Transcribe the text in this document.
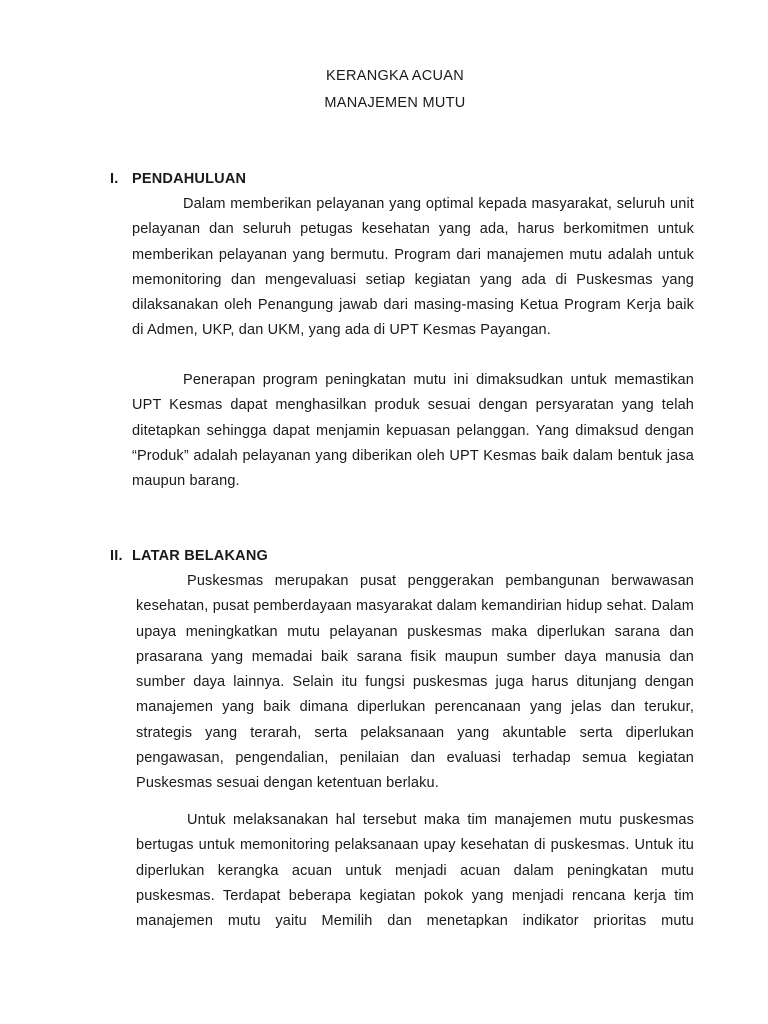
KERANGKA ACUAN
MANAJEMEN MUTU
I. PENDAHULUAN

Dalam memberikan pelayanan yang optimal kepada masyarakat, seluruh unit pelayanan dan seluruh petugas kesehatan yang ada, harus berkomitmen untuk memberikan pelayanan yang bermutu. Program dari manajemen mutu adalah untuk memonitoring dan mengevaluasi setiap kegiatan yang ada di Puskesmas yang dilaksanakan oleh Penangung jawab dari masing-masing Ketua Program Kerja baik di Admen, UKP, dan UKM, yang ada di UPT Kesmas Payangan.

Penerapan program peningkatan mutu ini dimaksudkan untuk memastikan UPT Kesmas dapat menghasilkan produk sesuai dengan persyaratan yang telah ditetapkan sehingga dapat menjamin kepuasan pelanggan. Yang dimaksud dengan “Produk” adalah pelayanan yang diberikan oleh UPT Kesmas baik dalam bentuk jasa maupun barang.

II. LATAR BELAKANG

Puskesmas merupakan pusat penggerakan pembangunan berwawasan kesehatan, pusat pemberdayaan masyarakat dalam kemandirian hidup sehat. Dalam upaya meningkatkan mutu pelayanan puskesmas maka diperlukan sarana dan prasarana yang memadai baik sarana fisik maupun sumber daya manusia dan sumber daya lainnya. Selain itu fungsi puskesmas juga harus ditunjang dengan manajemen yang baik dimana diperlukan perencanaan yang jelas dan terukur, strategis yang terarah, serta pelaksanaan yang akuntable serta diperlukan pengawasan, pengendalian, penilaian dan evaluasi terhadap semua kegiatan Puskesmas sesuai dengan ketentuan berlaku.

Untuk melaksanakan hal tersebut maka tim manajemen mutu puskesmas bertugas untuk memonitoring pelaksanaan upay kesehatan di puskesmas. Untuk itu diperlukan kerangka acuan untuk menjadi acuan dalam peningkatan mutu puskesmas. Terdapat beberapa kegiatan pokok yang menjadi rencana kerja tim manajemen mutu yaitu Memilih dan menetapkan indikator prioritas mutu
